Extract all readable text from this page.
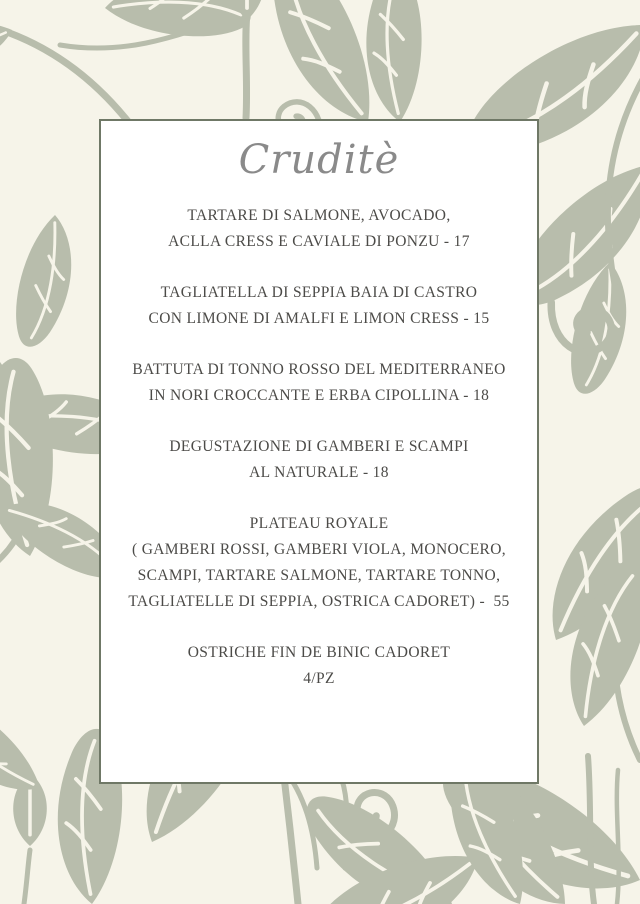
Cruditè
TARTARE DI SALMONE, AVOCADO,
ACLLA CRESS E CAVIALE DI PONZU - 17
TAGLIATELLA DI SEPPIA BAIA DI CASTRO
CON LIMONE DI AMALFI E LIMON CRESS - 15
BATTUTA DI TONNO ROSSO DEL MEDITERRANEO
IN NORI CROCCANTE E ERBA CIPOLLINA - 18
DEGUSTAZIONE DI GAMBERI E SCAMPI
AL NATURALE - 18
PLATEAU ROYALE
( GAMBERI ROSSI, GAMBERI VIOLA, MONOCERO,
SCAMPI, TARTARE SALMONE, TARTARE TONNO,
TAGLIATELLE DI SEPPIA, OSTRICA CADORET) -  55
OSTRICHE FIN DE BINIC CADORET
4/PZ
